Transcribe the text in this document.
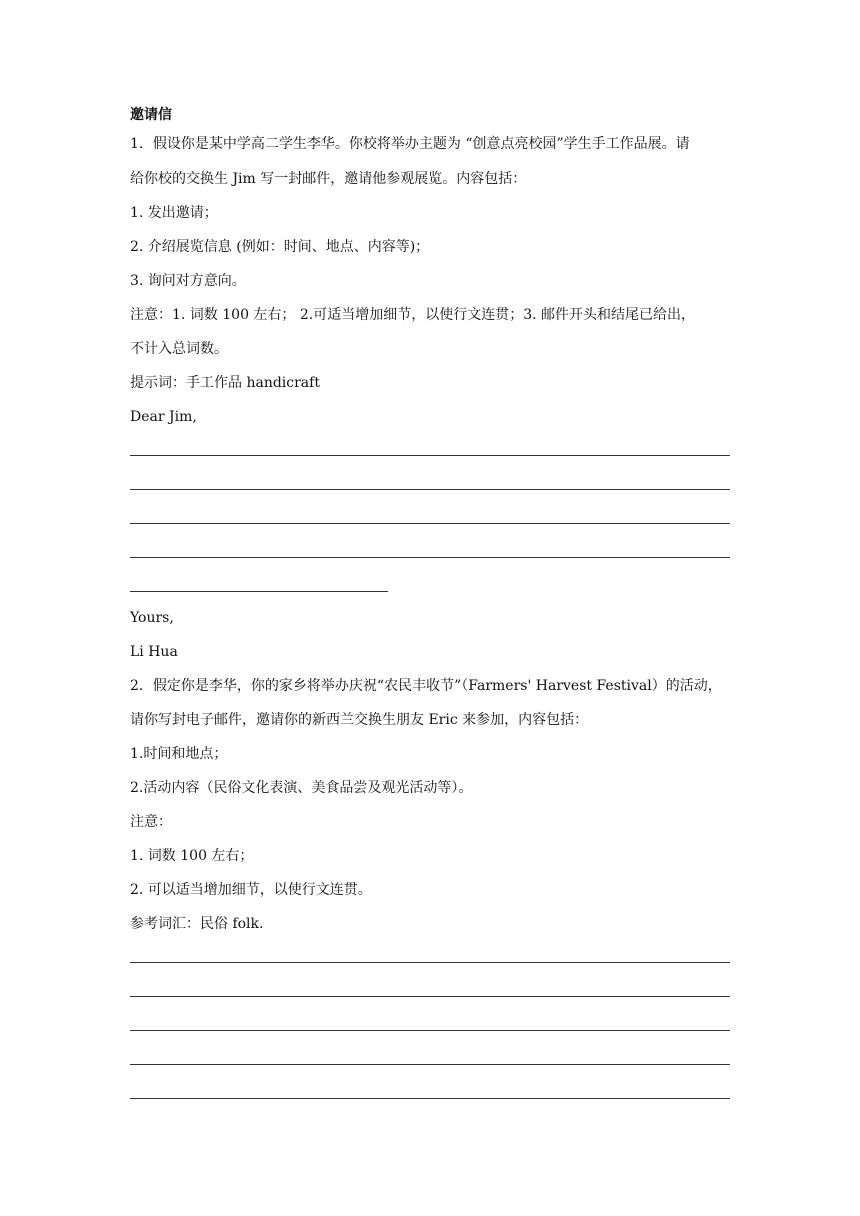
邀请信
1．假设你是某中学高二学生李华。你校将举办主题为 “创意点亮校园”学生手工作品展。请
给你校的交换生 Jim 写一封邮件，邀请他参观展览。内容包括：
1. 发出邀请；
2. 介绍展览信息 (例如：时间、地点、内容等)；
3. 询问对方意向。
注意：1. 词数 100 左右； 2.可适当增加细节，以使行文连贯；3. 邮件开头和结尾已给出，
不计入总词数。
提示词：手工作品 handicraft
Dear Jim,
Yours,
Li Hua
2．假定你是李华，你的家乡将举办庆祝“农民丰收节”（Farmers' Harvest Festival）的活动，
请你写封电子邮件，邀请你的新西兰交换生朋友 Eric 来参加，内容包括：
1.时间和地点；
2.活动内容（民俗文化表演、美食品尝及观光活动等）。
注意：
1. 词数 100 左右；
2. 可以适当增加细节，以使行文连贯。
参考词汇：民俗 folk.
